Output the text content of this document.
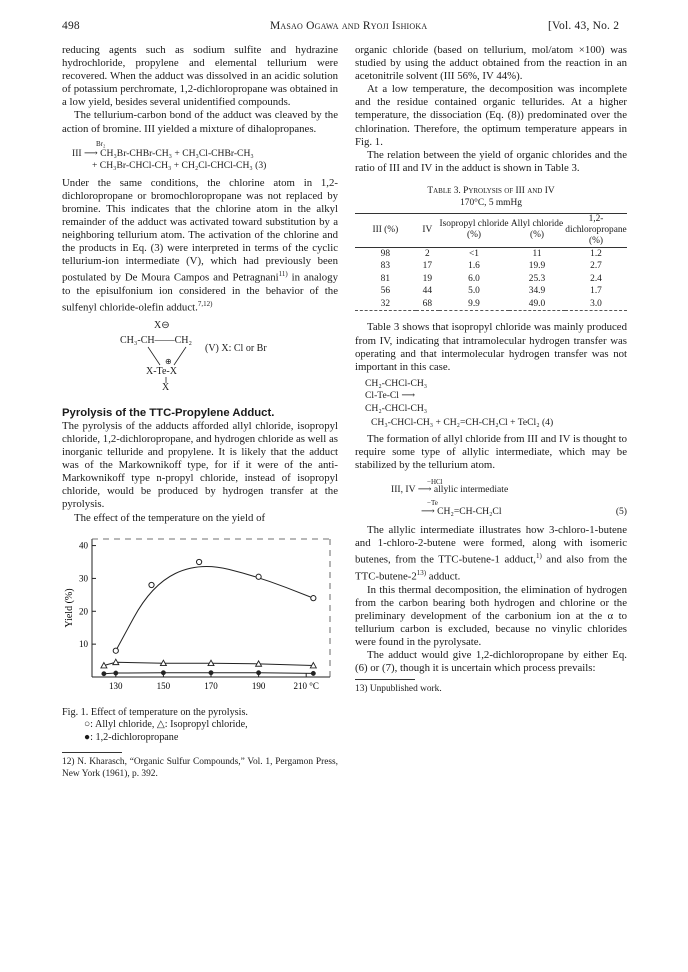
498	Masao Ogawa and Ryoji Ishioka	[Vol. 43, No. 2

reducing agents such as sodium sulfite and hydrazine hydrochloride, propylene and elemental tellurium were recovered. When the adduct was dissolved in an acidic solution of potassium perchromate, 1,2-dichloropropane was obtained in a low yield, besides several unidentified compounds.

The tellurium-carbon bond of the adduct was cleaved by the action of bromine. III yielded a mixture of dihalopropanes.

Br₂
III ⟶ CH₃Br-CHBr-CH₃ + CH₃Cl-CHBr-CH₃
+ CH₃Br-CHCl-CH₃ + CH₂Cl-CHCl-CH₃ (3)

Under the same conditions, the chlorine atom in 1,2-dichloropropane or bromochloropropane was not replaced by bromine. This indicates that the chlorine atom in the alkyl remainder of the adduct was activated toward substitution by a neighboring tellurium atom. The activation of the chlorine and the products in Eq. (3) were interpreted in terms of the cyclic tellurium-ion intermediate (V), which had previously been postulated by De Moura Campos and Petragnani$^{11)}$ in analogy to the episulfonium ion considered in the behavior of the sulfenyl chloride-olefin adduct.$^{7,12)}$

X⊖
CH₃-CH——CH₂
(V) X: Cl or Br
⊕
X-Te-X
X
Pyrolysis of the TTC-Propylene Adduct.

The pyrolysis of the adducts afforded allyl chloride, isopropyl chloride, 1,2-dichloropropane, and hydrogen chloride as well as inorganic telluride and propylene. It is likely that the adduct was of the Markownikoff type, for if it were of the anti-Markownikoff type n-propyl chloride, instead of isopropyl chloride, would be produced by hydrogen transfer at the pyrolysis.

The effect of the temperature on the yield of

10
20
30
40
130	150	170	190	210 °C
Yield (%)
Fig. 1. Effect of temperature on the pyrolysis.
○: Allyl chloride, △: Isopropyl chloride,
●: 1,2-dichloropropane
12) N. Kharasch, “Organic Sulfur Compounds,” Vol. 1, Pergamon Press, New York (1961), p. 392.

organic chloride (based on tellurium, mol/atom ×100) was studied by using the adduct obtained from the reaction in an acetonitrile solvent (III 56%, IV 44%).

At a low temperature, the decomposition was incomplete and the residue contained organic tellurides. At a higher temperature, the dissociation (Eq. (8)) predominated over the chlorination. Therefore, the optimum temperature appears in Fig. 1.

The relation between the yield of organic chlorides and the ratio of III and IV in the adduct is shown in Table 3.

Table 3. Pyrolysis of III and IV
170°C, 5 mmHg
III (%)	IV	Isopropyl chloride (%)	Allyl chloride (%)	1,2-dichloropropane (%)
98	2	<1	11	1.2
83	17	1.6	19.9	2.7
81	19	6.0	25.3	2.4
56	44	5.0	34.9	1.7
32	68	9.9	49.0	3.0

Table 3 shows that isopropyl chloride was mainly produced from IV, indicating that intramolecular hydrogen transfer was operating and that intermolecular hydrogen transfer was not important in this case.

CH₂-CHCl-CH₃
Cl-Te-Cl ⟶
CH₂-CHCl-CH₃
CH₃-CHCl-CH₃ + CH₂=CH-CH₂Cl + TeCl₂ (4)

The formation of allyl chloride from III and IV is thought to require some type of allylic intermediate, which may be stabilized by the tellurium atom.

−HCl
III, IV ⟶ allylic intermediate
−Te
⟶ CH₂=CH-CH₂Cl	(5)

The allylic intermediate illustrates how 3-chloro-1-butene and 1-chloro-2-butene were formed, along with isomeric butenes, from the TTC-butene-1 adduct,$^{1)}$ and also from the TTC-butene-2$^{13)}$ adduct.

In this thermal decomposition, the elimination of hydrogen from the carbon bearing both hydrogen and chlorine or the preliminary development of the carbonium ion at the α to tellurium carbon is excluded, because no vinylic chlorides were found in the pyrolysate.

The adduct would give 1,2-dichloropropane by either Eq. (6) or (7), though it is uncertain which process prevails:

13) Unpublished work.
